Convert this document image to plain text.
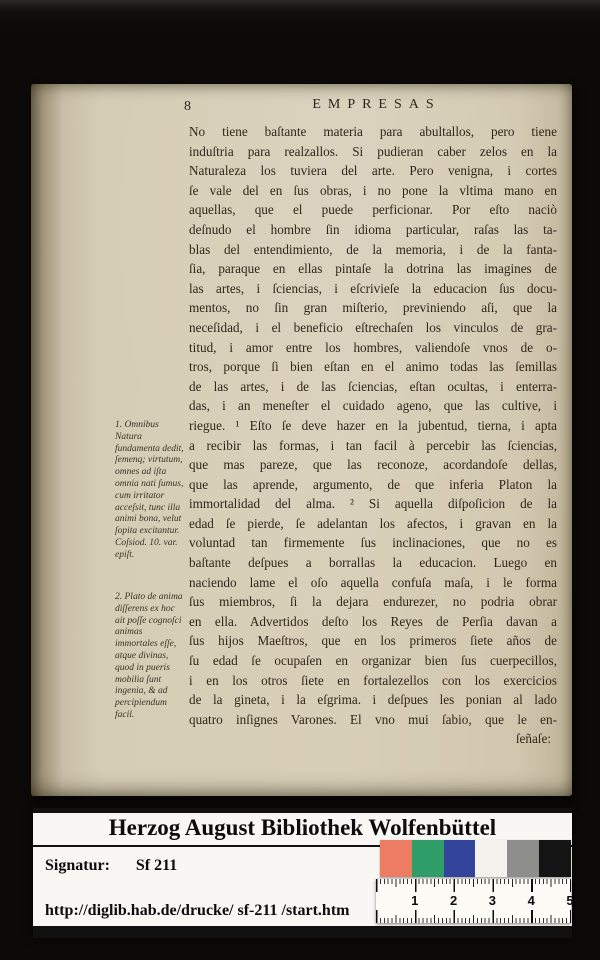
8	EMPRESAS
1. Omnibus Natura fundamenta dedit, ſemenq; virtutum, omnes ad iſta omnia nati ſumus, cum irritator acceſsit, tunc illa animi bona, velut ſopita excitantur. Coſsiod. 10. var. epiſt.
2. Plato de anima diſſerens ex hoc ait poſſe cognoſci animas immortales eſſe, atque divinas, quod in pueris mobilia ſunt ingenia, & ad percipiendum facil.
No tiene baſtante materia para abultallos, pero tiene
induſtria para realzallos. Si pudieran caber zelos en la
Naturaleza los tuviera del arte. Pero venigna, i cortes
ſe vale del en ſus obras, i no pone la vltima mano en
aquellas, que el puede perficionar. Por eſto naciò
deſnudo el hombre ſin idioma particular, raſas las ta-
blas del entendimiento, de la memoria, i de la fanta-
ſia, paraque en ellas pintaſe la dotrina las imagines de
las artes, i ſciencias, i eſcrivieſe la educacion ſus docu-
mentos, no ſin gran miſterio, previniendo aſi, que la
neceſidad, i el beneficio eſtrechaſen los vinculos de gra-
titud, i amor entre los hombres, valiendoſe vnos de o-
tros, porque ſi bien eſtan en el animo todas las ſemillas
de las artes, i de las ſciencias, eſtan ocultas, i enterra-
das, i an meneſter el cuidado ageno, que las cultive, i
riegue. ¹ Eſto ſe deve hazer en la jubentud, tierna, i apta
a recibir las formas, i tan facil à percebir las ſciencias,
que mas pareze, que las reconoze, acordandoſe dellas,
que las aprende, argumento, de que inferia Platon la
immortalidad del alma. ² Si aquella diſpoſicion de la
edad ſe pierde, ſe adelantan los afectos, i gravan en la
voluntad tan firmemente ſus inclinaciones, que no es
baſtante deſpues a borrallas la educacion. Luego en
naciendo lame el oſo aquella confuſa maſa, i le forma
ſus miembros, ſi la dejara endurezer, no podria obrar
en ella. Advertidos deſto los Reyes de Perſia davan a
ſus hijos Maeſtros, que en los primeros ſiete años de
ſu edad ſe ocupaſen en organizar bien ſus cuerpecillos,
i en los otros ſiete en fortalezellos con los exercicios
de la gineta, i la eſgrima. i deſpues les ponian al lado
quatro inſignes Varones. El vno mui ſabio, que le en-
ſeñaſe:
Herzog August Bibliothek Wolfenbüttel
Signatur: Sf 211
http://diglib.hab.de/drucke/ sf-211 /start.htm
1	2	3	4	5
